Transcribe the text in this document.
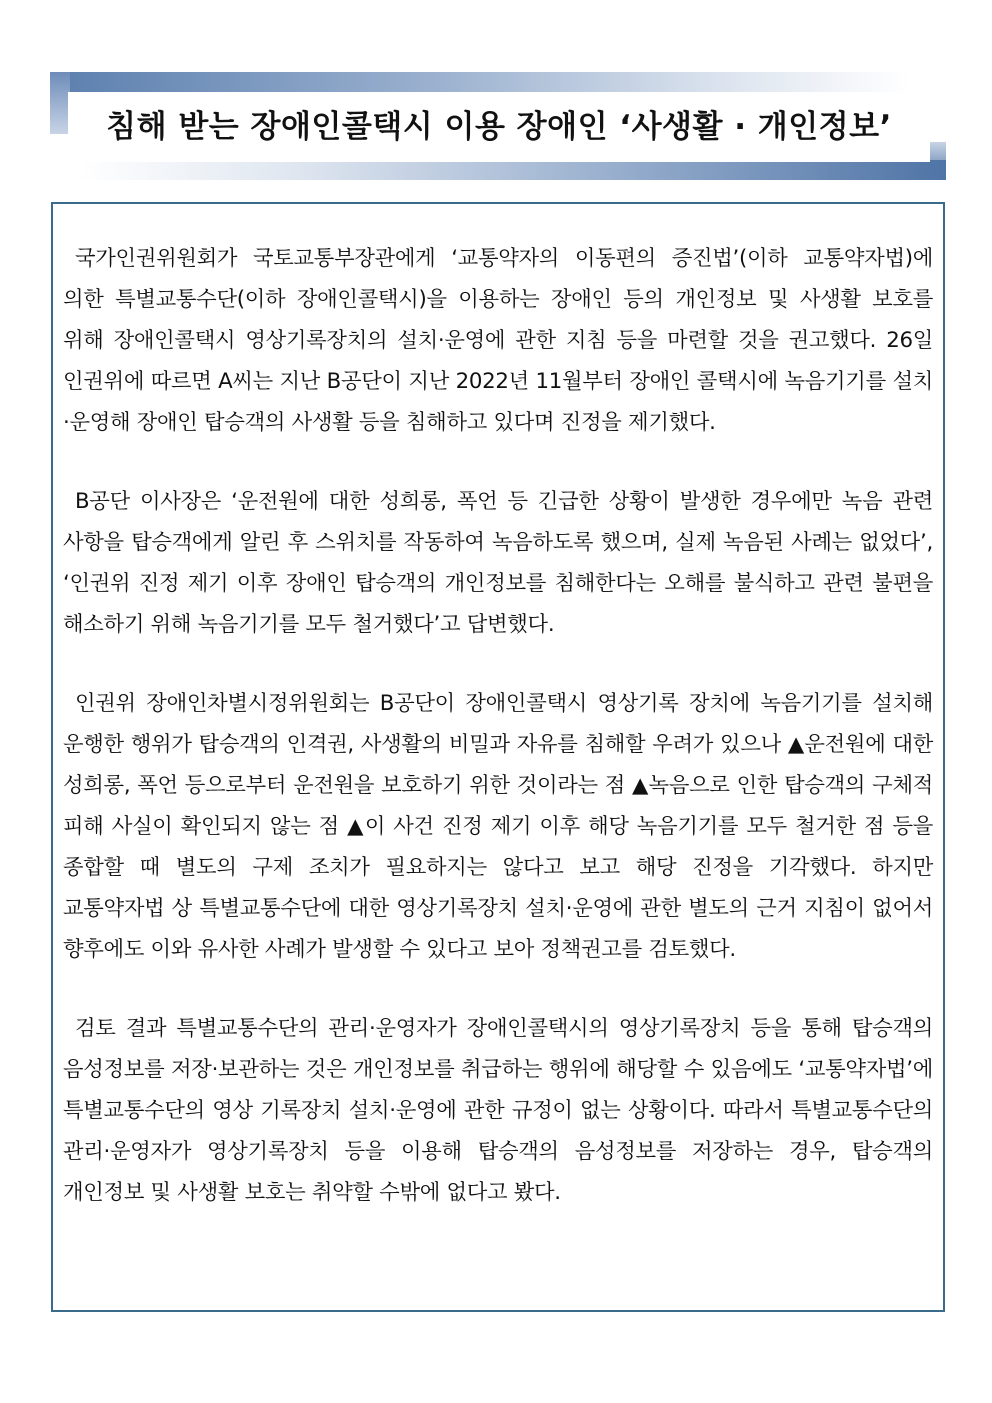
침해 받는 장애인콜택시 이용 장애인 ‘사생활 · 개인정보’

국가인권위원회가 국토교통부장관에게 ‘교통약자의 이동편의 증진법’(이하 교통약자법)에 의한 특별교통수단(이하 장애인콜택시)을 이용하는 장애인 등의 개인정보 및 사생활 보호를 위해 장애인콜택시 영상기록장치의 설치·운영에 관한 지침 등을 마련할 것을 권고했다. 26일 인권위에 따르면 A씨는 지난 B공단이 지난 2022년 11월부터 장애인 콜택시에 녹음기기를 설치·운영해 장애인 탑승객의 사생활 등을 침해하고 있다며 진정을 제기했다.

B공단 이사장은 ‘운전원에 대한 성희롱, 폭언 등 긴급한 상황이 발생한 경우에만 녹음 관련 사항을 탑승객에게 알린 후 스위치를 작동하여 녹음하도록 했으며, 실제 녹음된 사례는 없었다’, ‘인권위 진정 제기 이후 장애인 탑승객의 개인정보를 침해한다는 오해를 불식하고 관련 불편을 해소하기 위해 녹음기기를 모두 철거했다’고 답변했다.

인권위 장애인차별시정위원회는 B공단이 장애인콜택시 영상기록 장치에 녹음기기를 설치해 운행한 행위가 탑승객의 인격권, 사생활의 비밀과 자유를 침해할 우려가 있으나 ▲운전원에 대한 성희롱, 폭언 등으로부터 운전원을 보호하기 위한 것이라는 점 ▲녹음으로 인한 탑승객의 구체적 피해 사실이 확인되지 않는 점 ▲이 사건 진정 제기 이후 해당 녹음기기를 모두 철거한 점 등을 종합할 때 별도의 구제 조치가 필요하지는 않다고 보고 해당 진정을 기각했다. 하지만 교통약자법 상 특별교통수단에 대한 영상기록장치 설치·운영에 관한 별도의 근거 지침이 없어서 향후에도 이와 유사한 사례가 발생할 수 있다고 보아 정책권고를 검토했다.

검토 결과 특별교통수단의 관리·운영자가 장애인콜택시의 영상기록장치 등을 통해 탑승객의 음성정보를 저장·보관하는 것은 개인정보를 취급하는 행위에 해당할 수 있음에도 ‘교통약자법’에 특별교통수단의 영상 기록장치 설치·운영에 관한 규정이 없는 상황이다. 따라서 특별교통수단의 관리·운영자가 영상기록장치 등을 이용해 탑승객의 음성정보를 저장하는 경우, 탑승객의 개인정보 및 사생활 보호는 취약할 수밖에 없다고 봤다.
